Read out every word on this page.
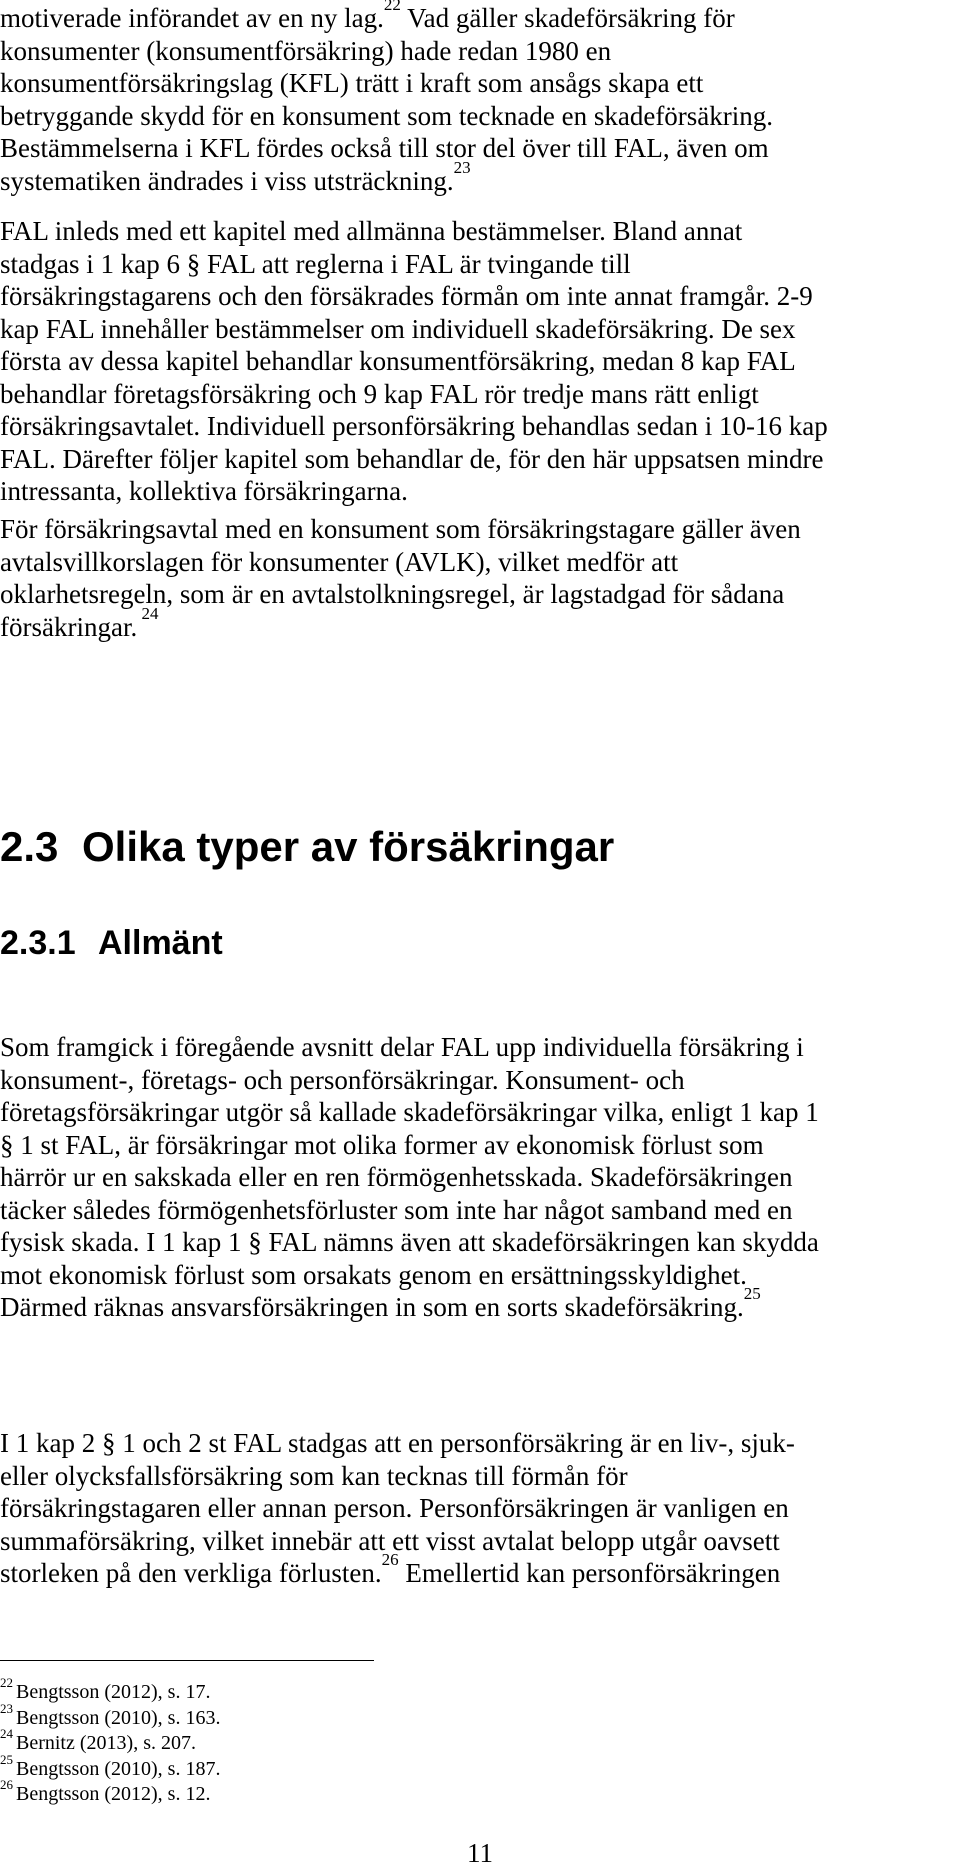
motiverade införandet av en ny lag.$^{22}$ Vad gäller skadeförsäkring för
konsumenter (konsumentförsäkring) hade redan 1980 en
konsumentförsäkringslag (KFL) trätt i kraft som ansågs skapa ett
betryggande skydd för en konsument som tecknade en skadeförsäkring.
Bestämmelserna i KFL fördes också till stor del över till FAL, även om
systematiken ändrades i viss utsträckning.$^{23}$
FAL inleds med ett kapitel med allmänna bestämmelser. Bland annat
stadgas i 1 kap 6 § FAL att reglerna i FAL är tvingande till
försäkringstagarens och den försäkrades förmån om inte annat framgår. 2-9
kap FAL innehåller bestämmelser om individuell skadeförsäkring. De sex
första av dessa kapitel behandlar konsumentförsäkring, medan 8 kap FAL
behandlar företagsförsäkring och 9 kap FAL rör tredje mans rätt enligt
försäkringsavtalet. Individuell personförsäkring behandlas sedan i 10-16 kap
FAL. Därefter följer kapitel som behandlar de, för den här uppsatsen mindre
intressanta, kollektiva försäkringarna.
För försäkringsavtal med en konsument som försäkringstagare gäller även
avtalsvillkorslagen för konsumenter (AVLK), vilket medför att
oklarhetsregeln, som är en avtalstolkningsregel, är lagstadgad för sådana
försäkringar. $^{24}$
2.3 Olika typer av försäkringar
2.3.1 Allmänt
Som framgick i föregående avsnitt delar FAL upp individuella försäkring i
konsument-, företags- och personförsäkringar. Konsument- och
företagsförsäkringar utgör så kallade skadeförsäkringar vilka, enligt 1 kap 1
§ 1 st FAL, är försäkringar mot olika former av ekonomisk förlust som
härrör ur en sakskada eller en ren förmögenhetsskada. Skadeförsäkringen
täcker således förmögenhetsförluster som inte har något samband med en
fysisk skada. I 1 kap 1 § FAL nämns även att skadeförsäkringen kan skydda
mot ekonomisk förlust som orsakats genom en ersättningsskyldighet.
Därmed räknas ansvarsförsäkringen in som en sorts skadeförsäkring.$^{25}$
I 1 kap 2 § 1 och 2 st FAL stadgas att en personförsäkring är en liv-, sjuk-
eller olycksfallsförsäkring som kan tecknas till förmån för
försäkringstagaren eller annan person. Personförsäkringen är vanligen en
summaförsäkring, vilket innebär att ett visst avtalat belopp utgår oavsett
storleken på den verkliga förlusten.$^{26}$ Emellertid kan personförsäkringen
$^{22}$ Bengtsson (2012), s. 17.
$^{23}$ Bengtsson (2010), s. 163.
$^{24}$ Bernitz (2013), s. 207.
$^{25}$ Bengtsson (2010), s. 187.
$^{26}$ Bengtsson (2012), s. 12.
11
